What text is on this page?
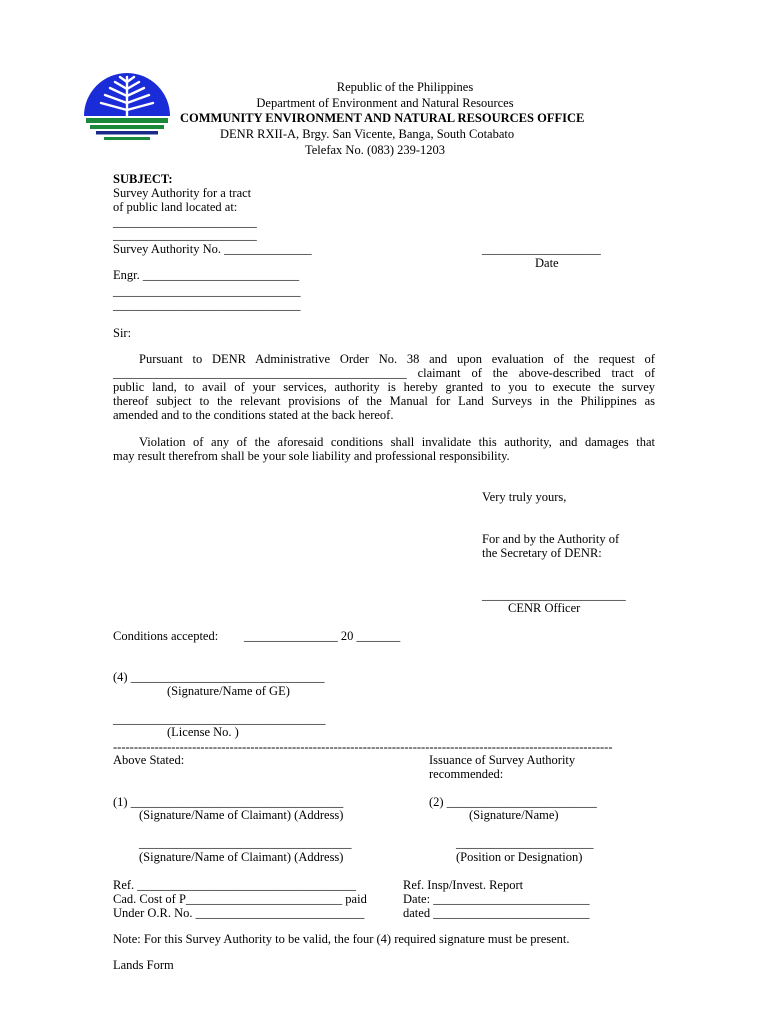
Republic of the Philippines
Department of Environment and Natural Resources
COMMUNITY ENVIRONMENT AND NATURAL RESOURCES OFFICE
DENR RXII-A, Brgy. San Vicente, Banga, South Cotabato
Telefax No. (083) 239-1203
SUBJECT:
Survey Authority for a tract
of public land located at:
_______________________
_______________________
Survey Authority No. ______________	___________________
Date
Engr. _________________________
______________________________
______________________________
Sir:
Pursuant to DENR Administrative Order No. 38 and upon evaluation of the request of
_______________________________________________ claimant of the above-described tract of
public land, to avail of your services, authority is hereby granted to you to execute the survey
thereof subject to the relevant provisions of the Manual for Land Surveys in the Philippines as
amended and to the conditions stated at the back hereof.
Violation of any of the aforesaid conditions shall invalidate this authority, and damages that
may result therefrom shall be your sole liability and professional responsibility.
Very truly yours,
For and by the Authority of
the Secretary of DENR:
_______________________
CENR Officer
Conditions accepted: _______________ 20 _______
(4) _______________________________
(Signature/Name of GE)
__________________________________
(License No. )
------------------------------------------------------------------------------------------------------------------------
Above Stated:	Issuance of Survey Authority
recommended:
(1) __________________________________
(Signature/Name of Claimant) (Address)
(2) ________________________
(Signature/Name)
__________________________________
(Signature/Name of Claimant) (Address)
______________________
(Position or Designation)
Ref. ___________________________________
Cad. Cost of P_________________________ paid
Under O.R. No. ___________________________
Ref. Insp/Invest. Report
Date: _________________________
dated _________________________
Note: For this Survey Authority to be valid, the four (4) required signature must be present.
Lands Form
